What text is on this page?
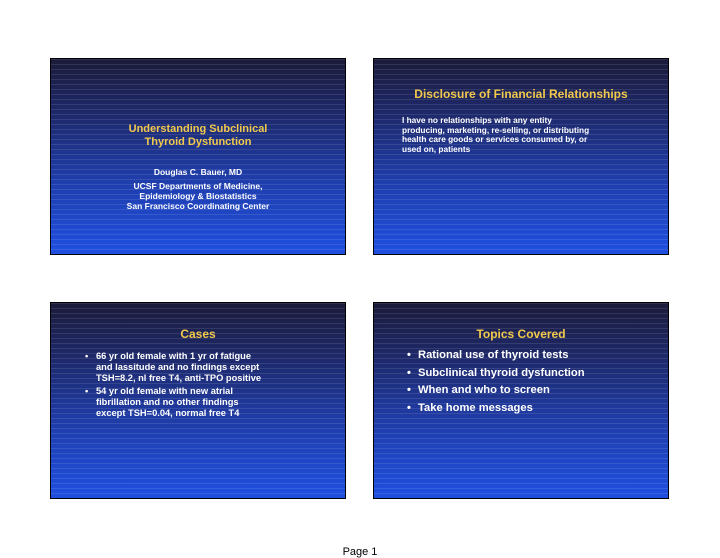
Understanding Subclinical
Thyroid Dysfunction
Douglas C. Bauer, MD
UCSF Departments of Medicine,
Epidemiology & Biostatistics
San Francisco Coordinating Center
Disclosure of Financial Relationships
I have no relationships with any entity
producing, marketing, re-selling, or distributing
health care goods or services consumed by, or
used on, patients
Cases
• 66 yr old female with 1 yr of fatigue
and lassitude and no findings except
TSH=8.2, nl free T4, anti-TPO positive
• 54 yr old female with new atrial
fibrillation and no other findings
except TSH=0.04, normal free T4
Topics Covered
• Rational use of thyroid tests
• Subclinical thyroid dysfunction
• When and who to screen
• Take home messages
Page 1
